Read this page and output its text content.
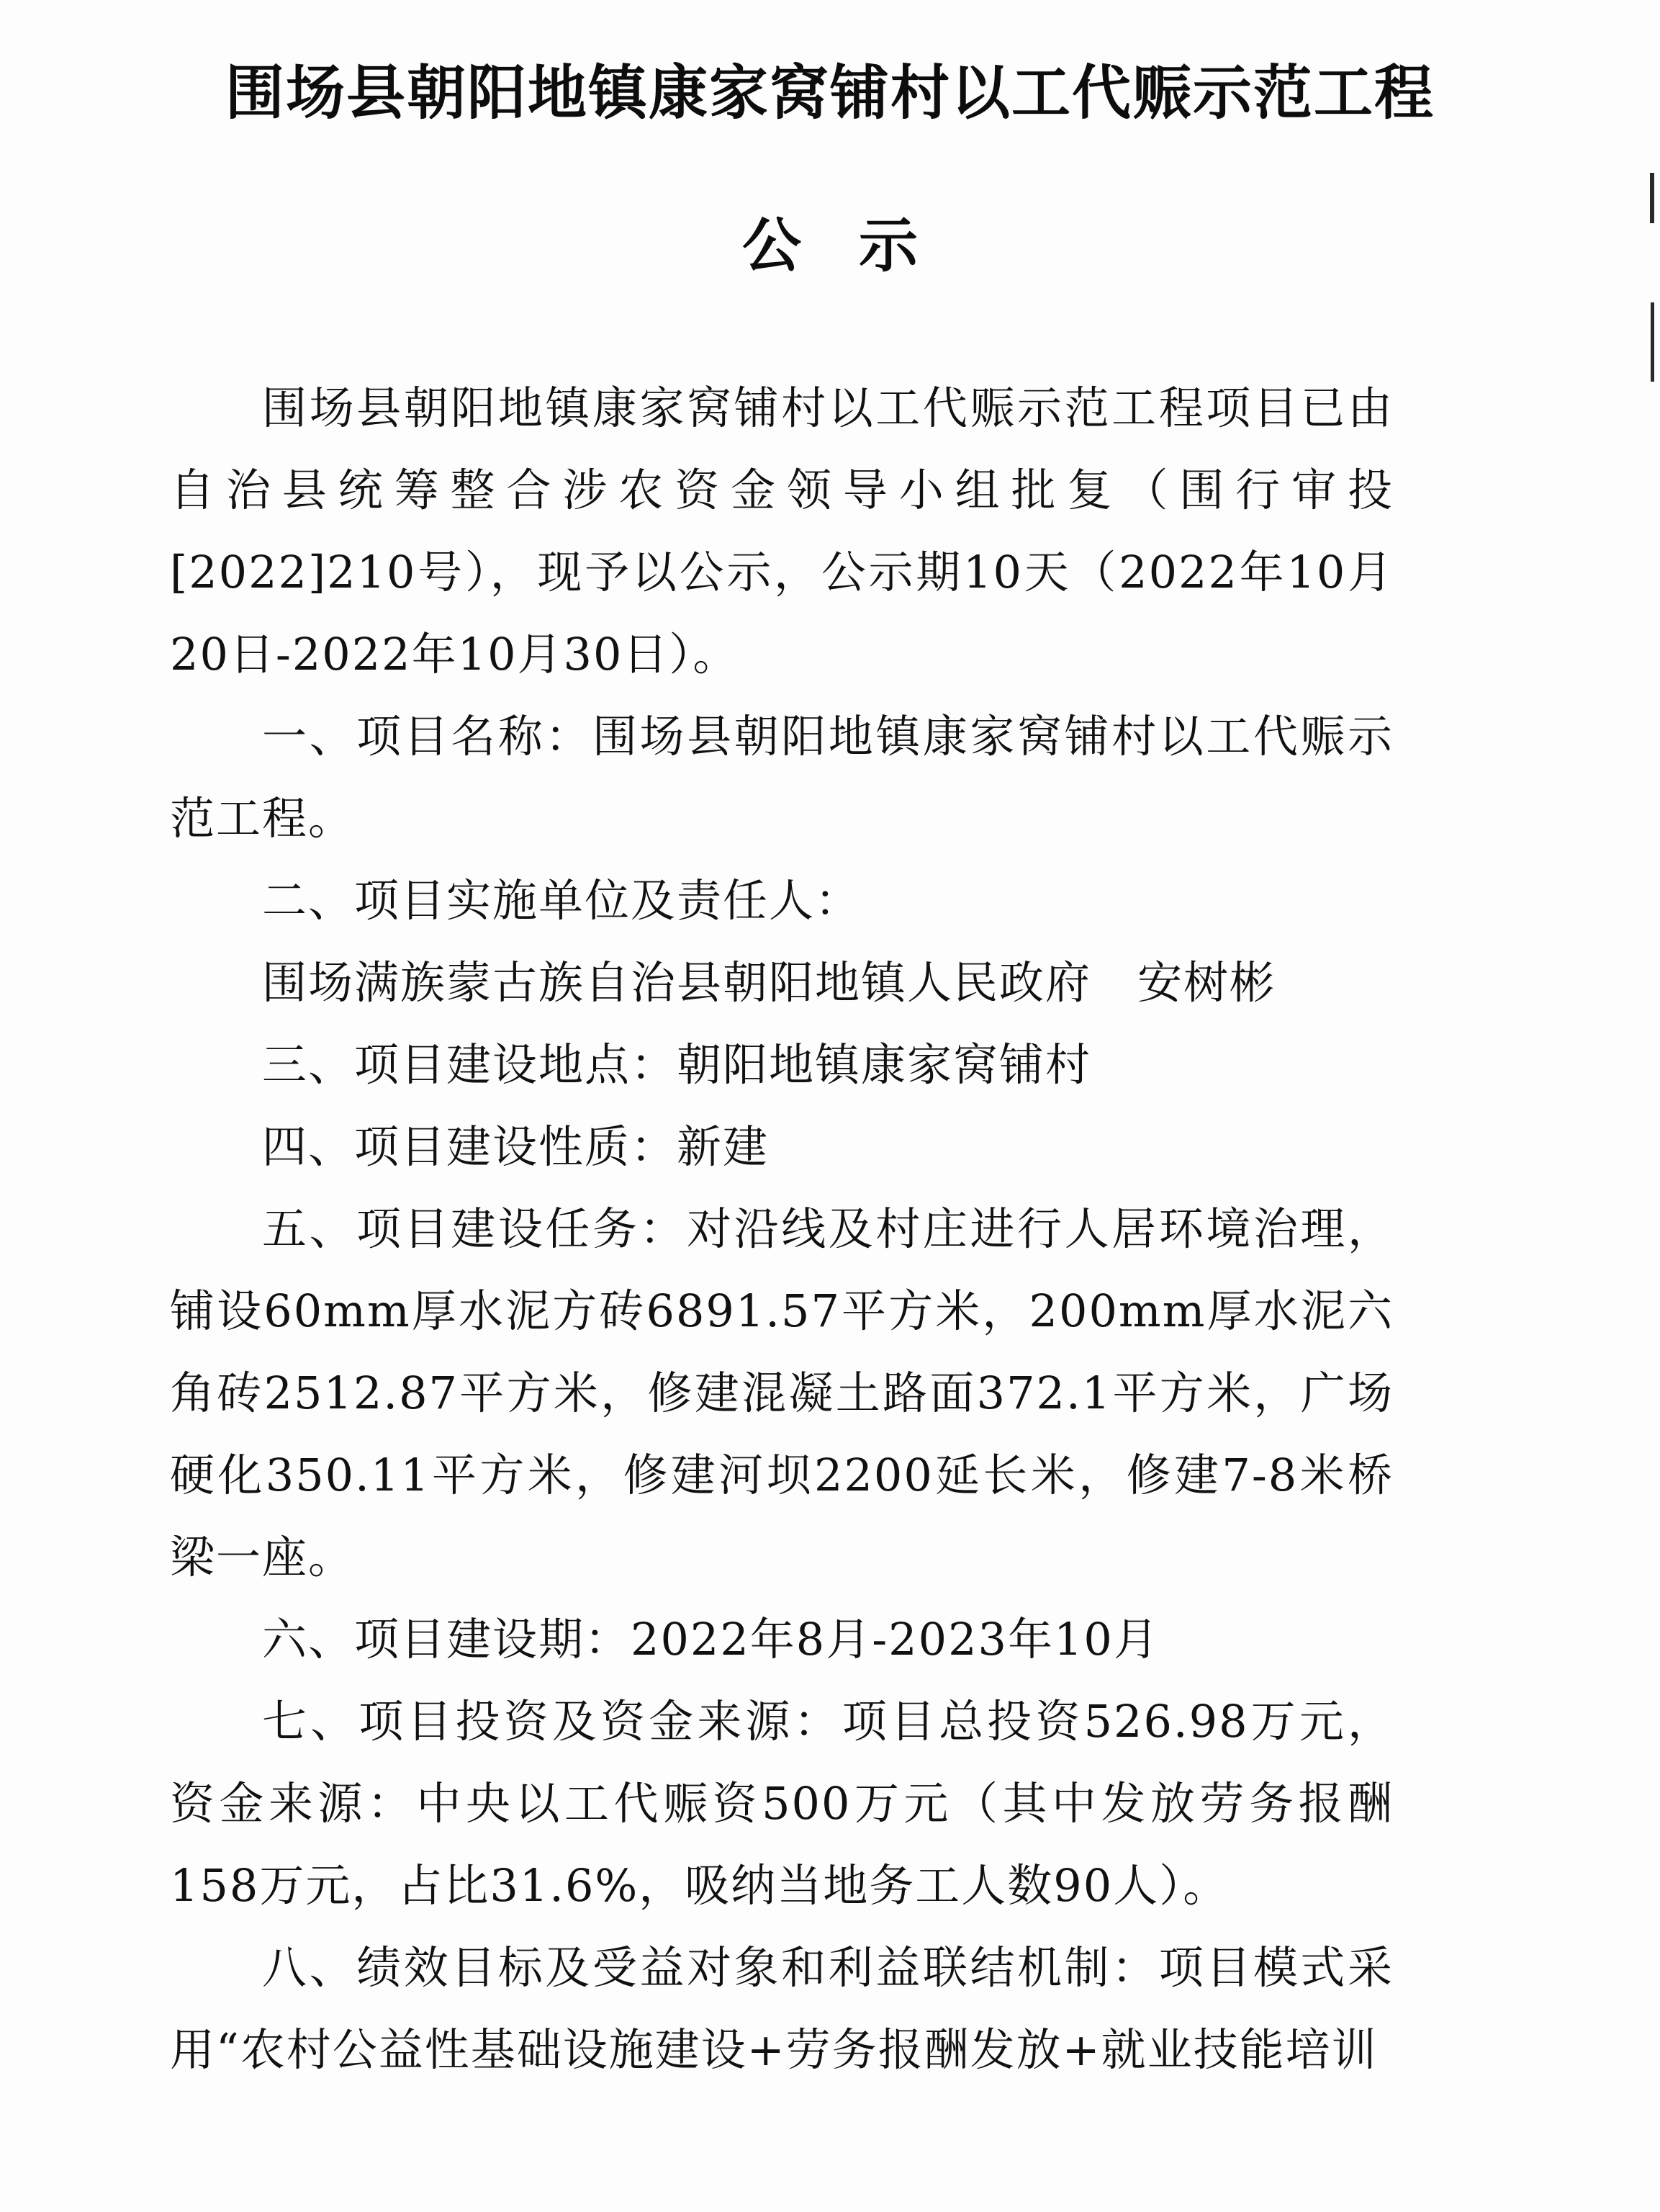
围场县朝阳地镇康家窝铺村以工代赈示范工程
公示

围场县朝阳地镇康家窝铺村以工代赈示范工程项目已由自治县统筹整合涉农资金领导小组批复（围行审投[2022]210号），现予以公示，公示期10天（2022年10月20日-2022年10月30日）。

一、项目名称：围场县朝阳地镇康家窝铺村以工代赈示范工程。

二、项目实施单位及责任人：

围场满族蒙古族自治县朝阳地镇人民政府　安树彬

三、项目建设地点：朝阳地镇康家窝铺村

四、项目建设性质：新建

五、项目建设任务：对沿线及村庄进行人居环境治理，铺设60mm厚水泥方砖6891.57平方米，200mm厚水泥六角砖2512.87平方米，修建混凝土路面372.1平方米，广场硬化350.11平方米，修建河坝2200延长米，修建7-8米桥梁一座。

六、项目建设期：2022年8月-2023年10月

七、项目投资及资金来源：项目总投资526.98万元，资金来源：中央以工代赈资500万元（其中发放劳务报酬158万元，占比31.6%，吸纳当地务工人数90人）。

八、绩效目标及受益对象和利益联结机制：项目模式采用“农村公益性基础设施建设+劳务报酬发放+就业技能培训
